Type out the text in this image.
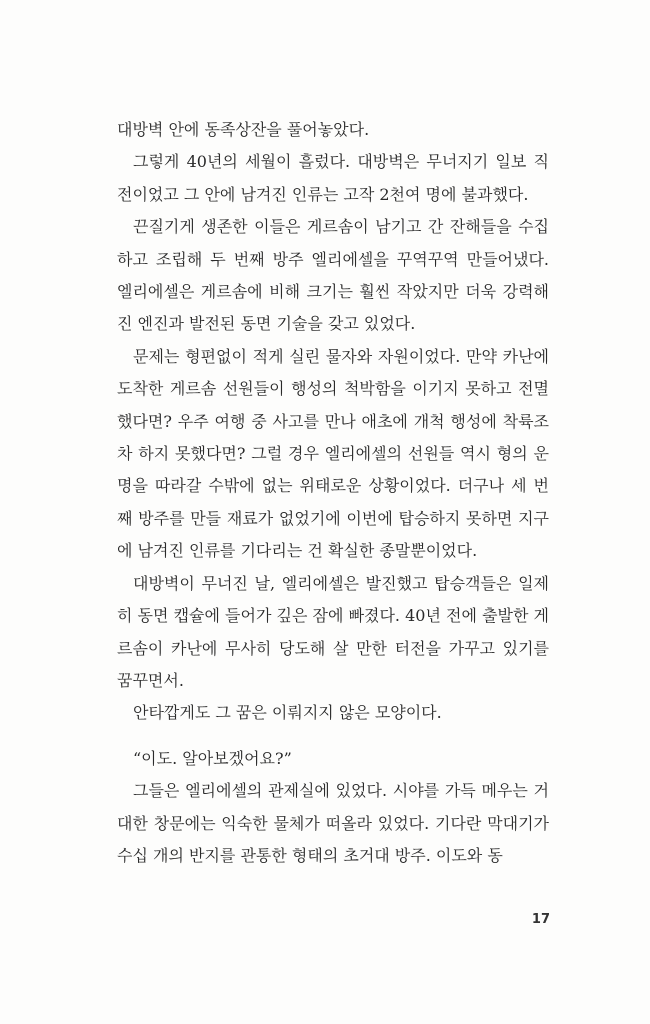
대방벽 안에 동족상잔을 풀어놓았다.

그렇게 40년의 세월이 흘렀다. 대방벽은 무너지기 일보 직전이었고 그 안에 남겨진 인류는 고작 2천여 명에 불과했다.

끈질기게 생존한 이들은 게르솜이 남기고 간 잔해들을 수집하고 조립해 두 번째 방주 엘리에셀을 꾸역꾸역 만들어냈다. 엘리에셀은 게르솜에 비해 크기는 훨씬 작았지만 더욱 강력해진 엔진과 발전된 동면 기술을 갖고 있었다.

문제는 형편없이 적게 실린 물자와 자원이었다. 만약 카난에 도착한 게르솜 선원들이 행성의 척박함을 이기지 못하고 전멸했다면? 우주 여행 중 사고를 만나 애초에 개척 행성에 착륙조차 하지 못했다면? 그럴 경우 엘리에셀의 선원들 역시 형의 운명을 따라갈 수밖에 없는 위태로운 상황이었다. 더구나 세 번째 방주를 만들 재료가 없었기에 이번에 탑승하지 못하면 지구에 남겨진 인류를 기다리는 건 확실한 종말뿐이었다.

대방벽이 무너진 날, 엘리에셀은 발진했고 탑승객들은 일제히 동면 캡슐에 들어가 깊은 잠에 빠졌다. 40년 전에 출발한 게르솜이 카난에 무사히 당도해 살 만한 터전을 가꾸고 있기를 꿈꾸면서.

안타깝게도 그 꿈은 이뤄지지 않은 모양이다.

“이도. 알아보겠어요?”

그들은 엘리에셀의 관제실에 있었다. 시야를 가득 메우는 거대한 창문에는 익숙한 물체가 떠올라 있었다. 기다란 막대기가 수십 개의 반지를 관통한 형태의 초거대 방주. 이도와 동

17
